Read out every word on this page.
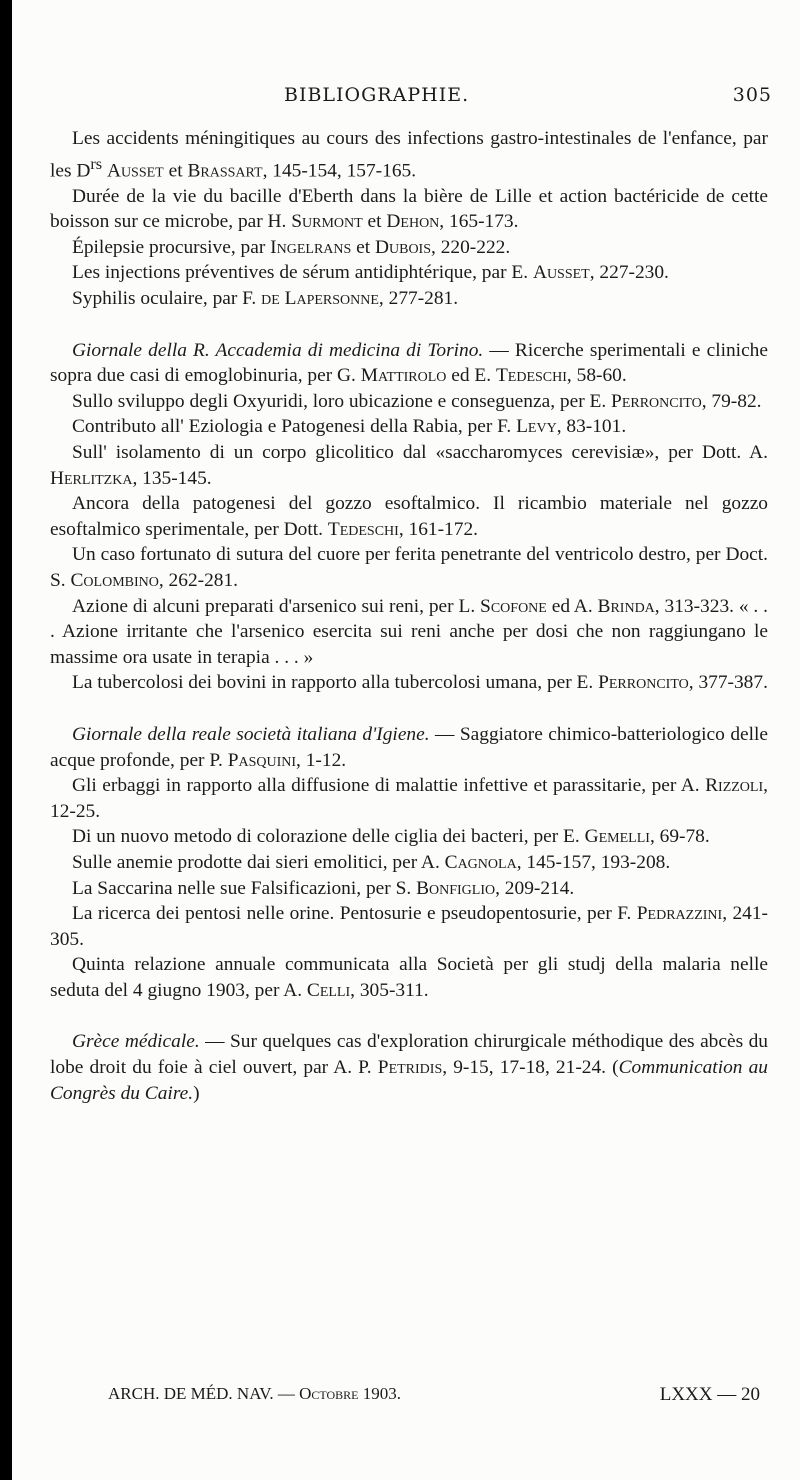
BIBLIOGRAPHIE.	305

Les accidents méningitiques au cours des infections gastro-intestinales de l'enfance, par les $D^{rs}$ Ausset et Brassart, 145-154, 157-165.

Durée de la vie du bacille d'Eberth dans la bière de Lille et action bactéricide de cette boisson sur ce microbe, par H. Surmont et Dehon, 165-173.

Épilepsie procursive, par Ingelrans et Dubois, 220-222.

Les injections préventives de sérum antidiphtérique, par E. Ausset, 227-230.

Syphilis oculaire, par F. de Lapersonne, 277-281.

Giornale della R. Accademia di medicina di Torino. — Ricerche sperimentali e cliniche sopra due casi di emoglobinuria, per G. Mattirolo ed E. Tedeschi, 58-60.

Sullo sviluppo degli Oxyuridi, loro ubicazione e conseguenza, per E. Perroncito, 79-82.

Contributo all' Eziologia e Patogenesi della Rabia, per F. Levy, 83-101.

Sull' isolamento di un corpo glicolitico dal «saccharomyces cerevisiæ», per Dott. A. Herlitzka, 135-145.

Ancora della patogenesi del gozzo esoftalmico. Il ricambio materiale nel gozzo esoftalmico sperimentale, per Dott. Tedeschi, 161-172.

Un caso fortunato di sutura del cuore per ferita penetrante del ventricolo destro, per Doct. S. Colombino, 262-281.

Azione di alcuni preparati d'arsenico sui reni, per L. Scofone ed A. Brinda, 313-323. « . . . Azione irritante che l'arsenico esercita sui reni anche per dosi che non raggiungano le massime ora usate in terapia . . . »

La tubercolosi dei bovini in rapporto alla tubercolosi umana, per E. Perroncito, 377-387.

Giornale della reale società italiana d'Igiene. — Saggiatore chimico-batteriologico delle acque profonde, per P. Pasquini, 1-12.

Gli erbaggi in rapporto alla diffusione di malattie infettive et parassitarie, per A. Rizzoli, 12-25.

Di un nuovo metodo di colorazione delle ciglia dei bacteri, per E. Gemelli, 69-78.

Sulle anemie prodotte dai sieri emolitici, per A. Cagnola, 145-157, 193-208.

La Saccarina nelle sue Falsificazioni, per S. Bonfiglio, 209-214.

La ricerca dei pentosi nelle orine. Pentosurie e pseudopentosurie, per F. Pedrazzini, 241-305.

Quinta relazione annuale communicata alla Società per gli studj della malaria nelle seduta del 4 giugno 1903, per A. Celli, 305-311.

Grèce médicale. — Sur quelques cas d'exploration chirurgicale méthodique des abcès du lobe droit du foie à ciel ouvert, par A. P. Petridis, 9-15, 17-18, 21-24. (Communication au Congrès du Caire.)

ARCH. DE MÉD. NAV. — Octobre 1903.	LXXX — 20
